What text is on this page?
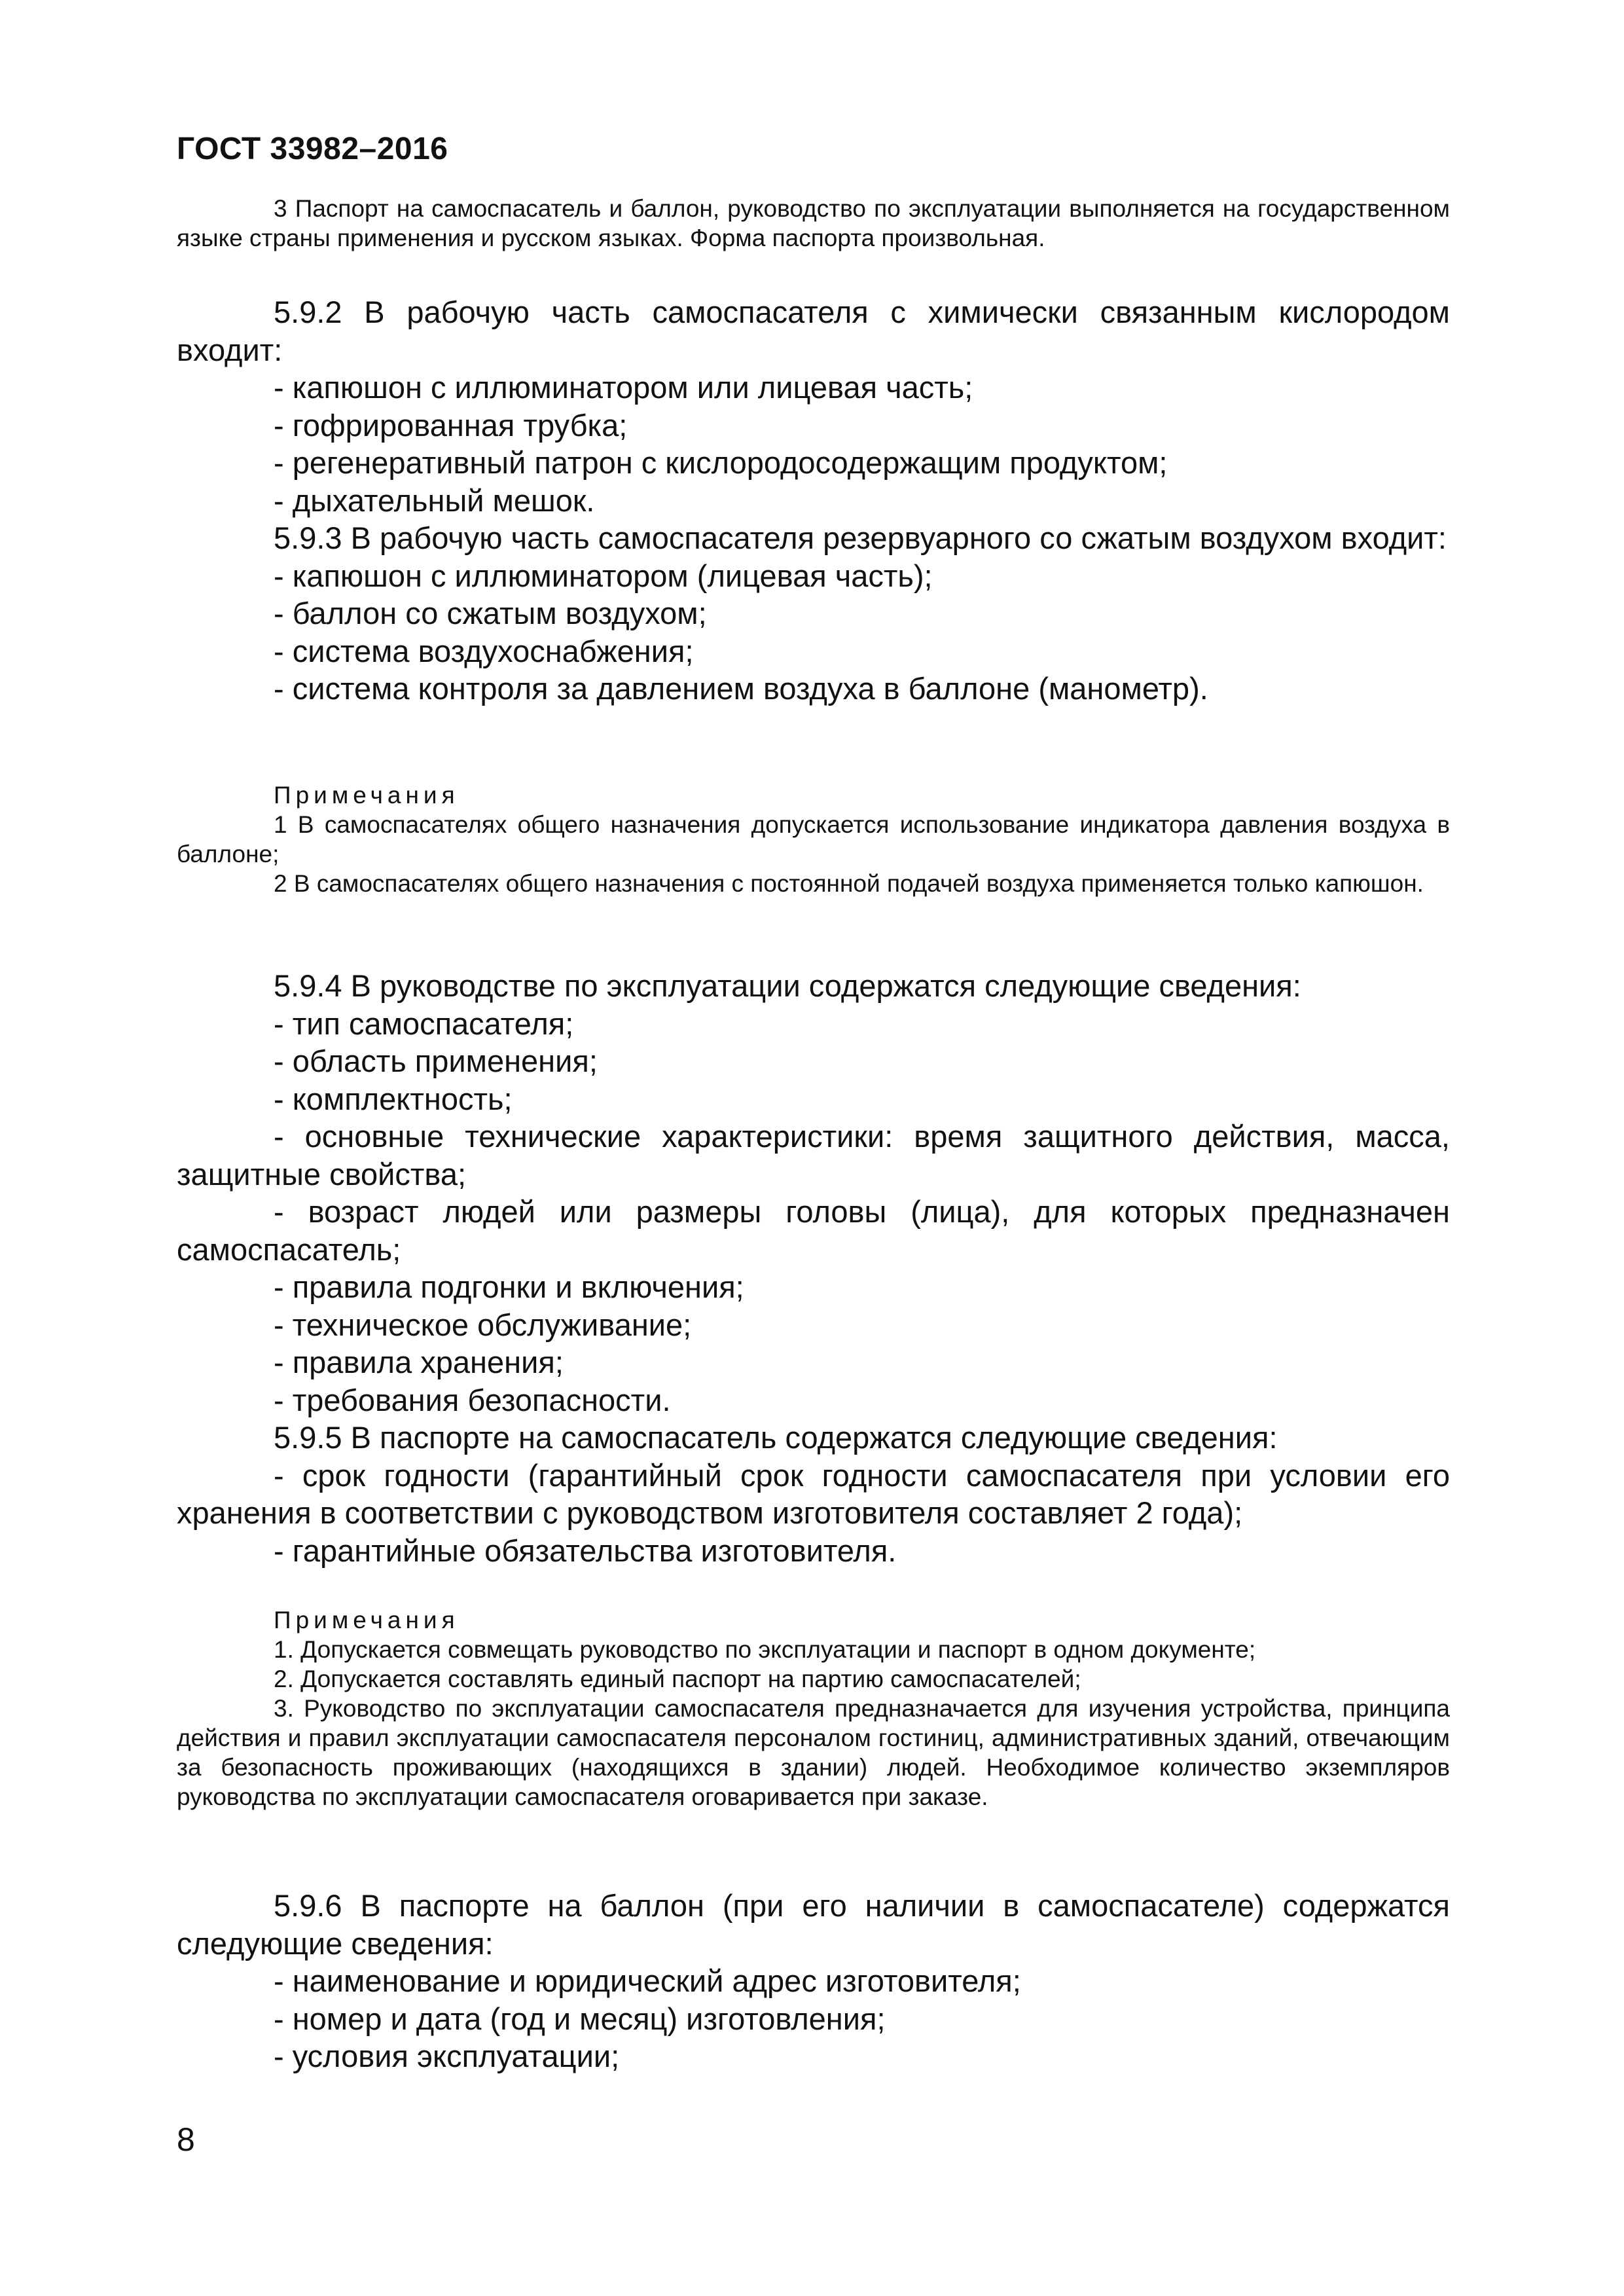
ГОСТ 33982–2016

3 Паспорт на самоспасатель и баллон, руководство по эксплуатации выполняется на государственном языке страны применения и русском языках. Форма паспорта произвольная.

5.9.2 В рабочую часть самоспасателя с химически связанным кислородом входит:

- капюшон с иллюминатором или лицевая часть;
- гофрированная трубка;
- регенеративный патрон с кислородосодержащим продуктом;
- дыхательный мешок.

5.9.3 В рабочую часть самоспасателя резервуарного со сжатым воздухом входит:

- капюшон с иллюминатором (лицевая часть);
- баллон со сжатым воздухом;
- система воздухоснабжения;
- система контроля за давлением воздуха в баллоне (манометр).
Примечания

1 В самоспасателях общего назначения допускается использование индикатора давления воздуха в баллоне;

2 В самоспасателях общего назначения с постоянной подачей воздуха применяется только капюшон.

5.9.4 В руководстве по эксплуатации содержатся следующие сведения:

- тип самоспасателя;
- область применения;
- комплектность;

- основные технические характеристики: время защитного действия, масса, защитные свойства;

- возраст людей или размеры головы (лица), для которых предназначен самоспасатель;

- правила подгонки и включения;
- техническое обслуживание;
- правила хранения;
- требования безопасности.

5.9.5 В паспорте на самоспасатель содержатся следующие сведения:

- срок годности (гарантийный срок годности самоспасателя при условии его хранения в соответствии с руководством изготовителя составляет 2 года);

- гарантийные обязательства изготовителя.
Примечания

1. Допускается совмещать руководство по эксплуатации и паспорт в одном документе;

2. Допускается составлять единый паспорт на партию самоспасателей;

3. Руководство по эксплуатации самоспасателя предназначается для изучения устройства, принципа действия и правил эксплуатации самоспасателя персоналом гостиниц, административных зданий, отвечающим за безопасность проживающих (находящихся в здании) людей. Необходимое количество экземпляров руководства по эксплуатации самоспасателя оговаривается при заказе.

5.9.6 В паспорте на баллон (при его наличии в самоспасателе) содержатся следующие сведения:

- наименование и юридический адрес изготовителя;
- номер и дата (год и месяц) изготовления;
- условия эксплуатации;
8
